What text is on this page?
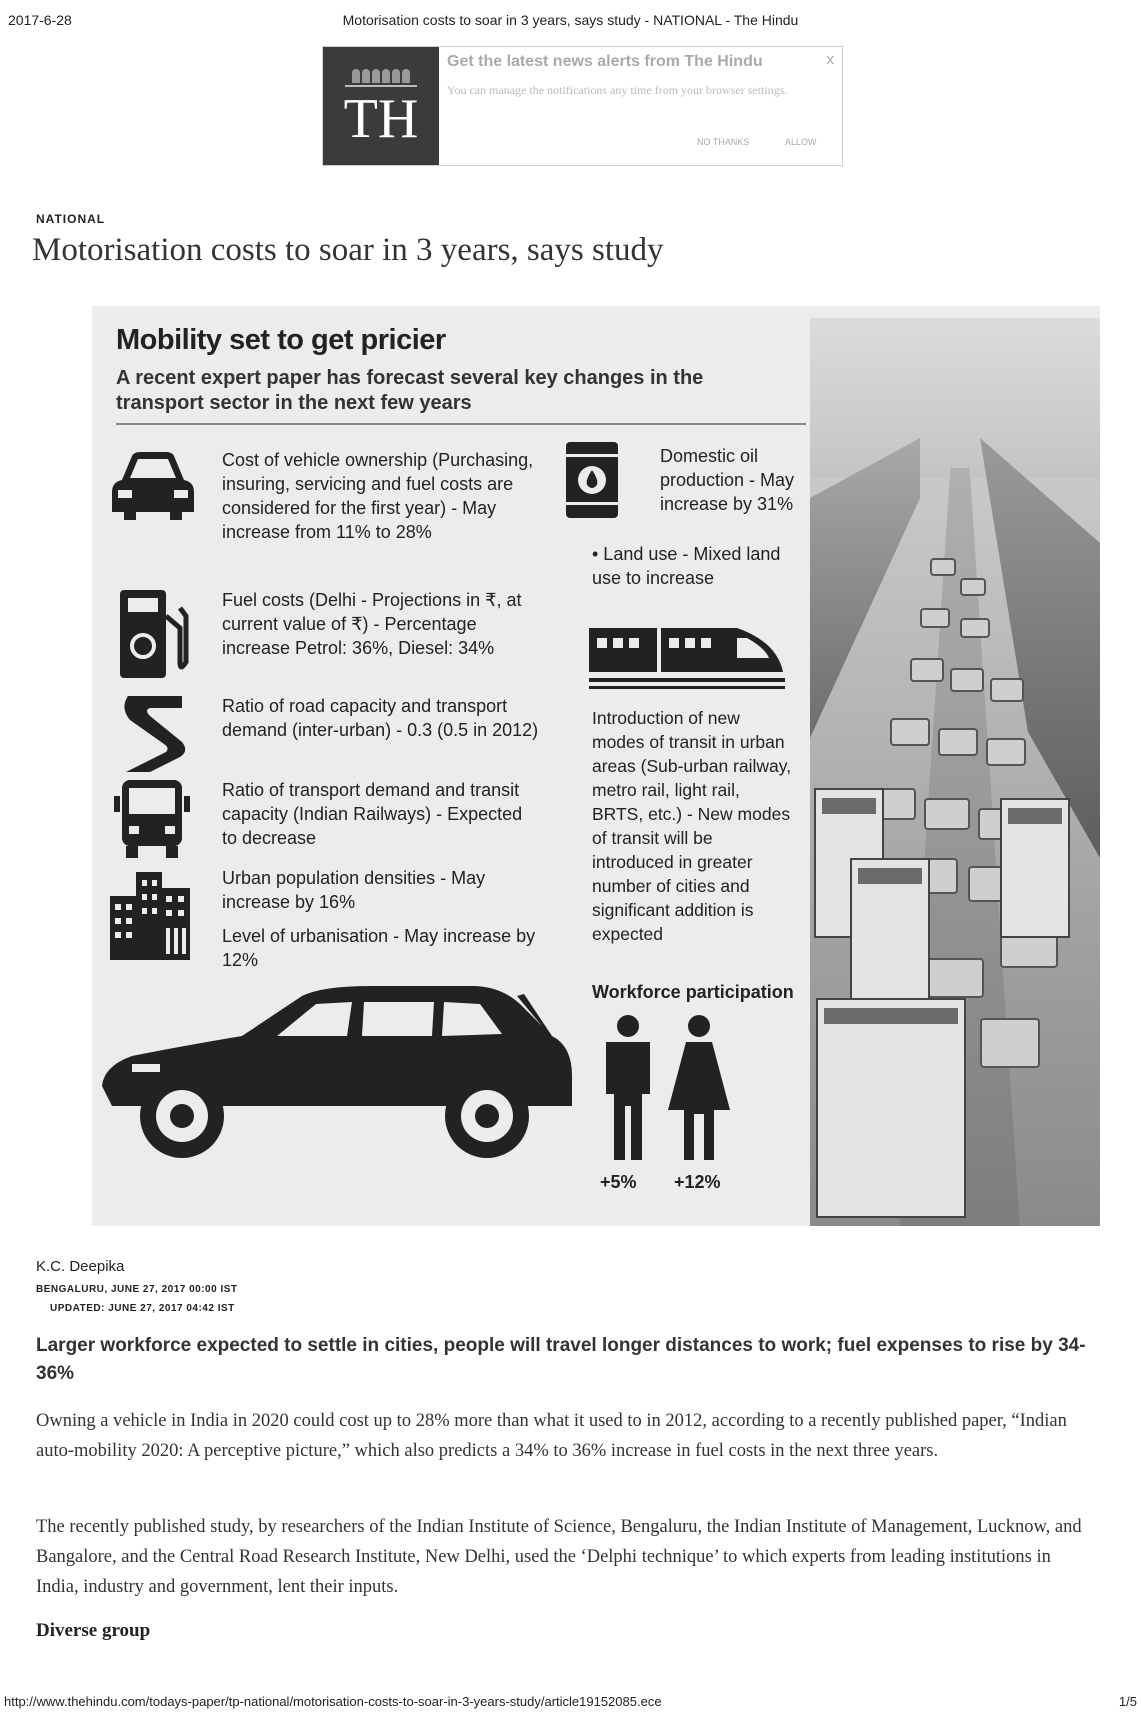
2017-6-28	Motorisation costs to soar in 3 years, says study - NATIONAL - The Hindu
TH
Get the latest news alerts from The Hindu	x
You can manage the notifications any time from your browser settings.
NO THANKS	ALLOW
NATIONAL
Motorisation costs to soar in 3 years, says study
Mobility set to get pricier
A recent expert paper has forecast several key changes in the transport sector in the next few years
Cost of vehicle ownership (Purchasing, insuring, servicing and fuel costs are considered for the first year) - May increase from 11% to 28%
Fuel costs (Delhi - Projections in ₹, at current value of ₹) - Percentage increase Petrol: 36%, Diesel: 34%
Ratio of road capacity and transport demand (inter-urban) - 0.3 (0.5 in 2012)
Ratio of transport demand and transit capacity (Indian Railways) - Expected to decrease
Urban population densities - May increase by 16%
Level of urbanisation - May increase by 12%
Domestic oil production - May increase by 31%
• Land use - Mixed land use to increase
Introduction of new modes of transit in urban areas (Sub-urban railway, metro rail, light rail, BRTS, etc.) - New modes of transit will be introduced in greater number of cities and significant addition is expected
Workforce participation
+5% +12%
K.C. Deepika
BENGALURU, JUNE 27, 2017 00:00 IST
UPDATED: JUNE 27, 2017 04:42 IST
Larger workforce expected to settle in cities, people will travel longer distances to work; fuel expenses to rise by 34-36%

Owning a vehicle in India in 2020 could cost up to 28% more than what it used to in 2012, according to a recently published paper, “Indian auto-mobility 2020: A perceptive picture,” which also predicts a 34% to 36% increase in fuel costs in the next three years.

The recently published study, by researchers of the Indian Institute of Science, Bengaluru, the Indian Institute of Management, Lucknow, and Bangalore, and the Central Road Research Institute, New Delhi, used the ‘Delphi technique’ to which experts from leading institutions in India, industry and government, lent their inputs.

Diverse group
http://www.thehindu.com/todays-paper/tp-national/motorisation-costs-to-soar-in-3-years-study/article19152085.ece	1/5
